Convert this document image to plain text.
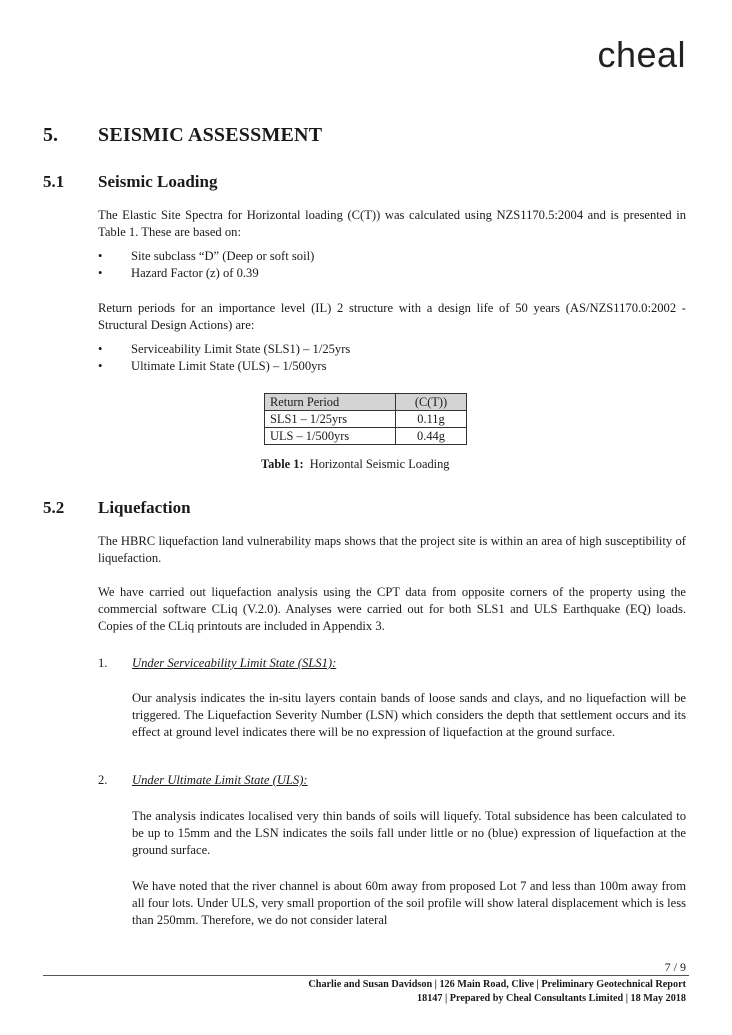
cheal
5. SEISMIC ASSESSMENT
5.1 Seismic Loading
The Elastic Site Spectra for Horizontal loading (C(T)) was calculated using NZS1170.5:2004 and is presented in Table 1. These are based on:
• Site subclass “D” (Deep or soft soil)
• Hazard Factor (z) of 0.39
Return periods for an importance level (IL) 2 structure with a design life of 50 years (AS/NZS1170.0:2002 - Structural Design Actions) are:
• Serviceability Limit State (SLS1) – 1/25yrs
• Ultimate Limit State (ULS) – 1/500yrs
Return Period	(C(T))
SLS1 – 1/25yrs	0.11g
ULS – 1/500yrs	0.44g
Table 1: Horizontal Seismic Loading
5.2 Liquefaction
The HBRC liquefaction land vulnerability maps shows that the project site is within an area of high susceptibility of liquefaction.
We have carried out liquefaction analysis using the CPT data from opposite corners of the property using the commercial software CLiq (V.2.0). Analyses were carried out for both SLS1 and ULS Earthquake (EQ) loads. Copies of the CLiq printouts are included in Appendix 3.
1. Under Serviceability Limit State (SLS1):
Our analysis indicates the in-situ layers contain bands of loose sands and clays, and no liquefaction will be triggered. The Liquefaction Severity Number (LSN) which considers the depth that settlement occurs and its effect at ground level indicates there will be no expression of liquefaction at the ground surface.
2. Under Ultimate Limit State (ULS):
The analysis indicates localised very thin bands of soils will liquefy. Total subsidence has been calculated to be up to 15mm and the LSN indicates the soils fall under little or no (blue) expression of liquefaction at the ground surface.
We have noted that the river channel is about 60m away from proposed Lot 7 and less than 100m away from all four lots. Under ULS, very small proportion of the soil profile will show lateral displacement which is less than 250mm. Therefore, we do not consider lateral
7 / 9
Charlie and Susan Davidson | 126 Main Road, Clive | Preliminary Geotechnical Report
18147 | Prepared by Cheal Consultants Limited | 18 May 2018
